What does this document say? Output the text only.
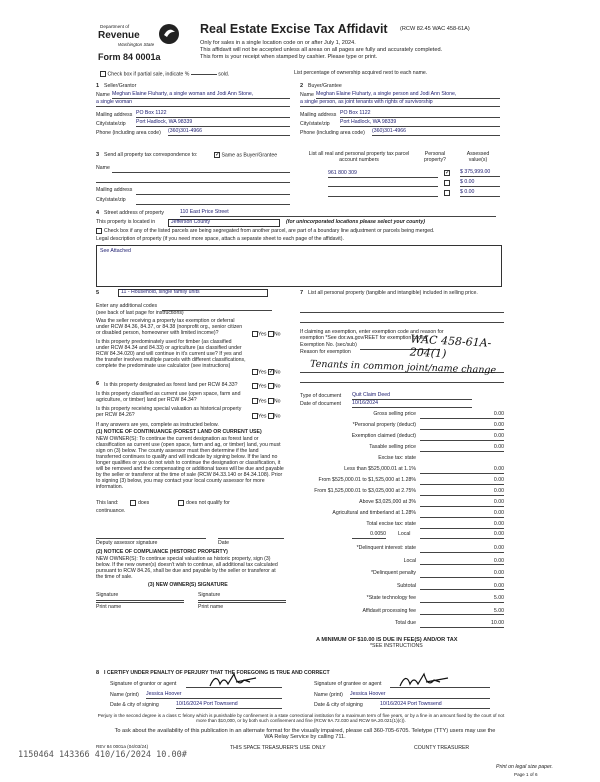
Department of
Revenue
Washington State
Form 84 0001a
Real Estate Excise Tax Affidavit (RCW 82.45 WAC 458-61A)
Only for sales in a single location code on or after July 1, 2024.
This affidavit will not be accepted unless all areas on all pages are fully and accurately completed.
This form is your receipt when stamped by cashier. Please type or print.
Check box if partial sale, indicate %	sold.	List percentage of ownership acquired next to each name.
1 Seller/Grantor
Name Meghan Elaine Fluharty, a single woman and Jodi Ann Stone,
a single woman
Mailing address PO Box 1122
City/state/zip Port Hadlock, WA 98339
Phone (including area code) (360)301-4966
2 Buyer/Grantee
Name Meghan Elaine Fluharty, a single person and Jodi Ann Stone,
a single person, as joint tenants with rights of survivorship
Mailing address PO Box 1122
City/state/zip Port Hadlock, WA 98339
Phone (including area code) (360)301-4966
3 Send all property tax correspondence to:	✓ Same as Buyer/Grantee
Name
Mailing address
City/state/zip
List all real and personal property tax parcel account numbers
Personal property?
Assessed value(s)
961 800 309	✓ $ 375,999.00
$ 0.00
$ 0.00
4 Street address of property	110 East Price Street
This property is located in	Jefferson County	(for unincorporated locations please select your county)
Check box if any of the listed parcels are being segregated from another parcel, are part of a boundary line adjustment or parcels being merged.
Legal description of property (if you need more space, attach a separate sheet to each page of the affidavit).
See Attached
5	11 - Household, single family units
Enter any additional codes
(see back of last page for instructions)
Was the seller receiving a property tax exemption or deferral under RCW 84.36, 84.37, or 84.38 (nonprofit org., senior citizen or disabled person, homeowner with limited income)?	Yes No
Is this property predominately used for timber (as classified under RCW 84.34 and 84.33) or agriculture (as classified under RCW 84.34.020) and will continue in it's current use? If yes and the transfer involves multiple parcels with different classifications, complete the predominate use calculator (see instructions)
Yes ✓No
6 Is this property designated as forest land per RCW 84.33?	Yes No
Is this property classified as current use (open space, farm and agriculture, or timber) land per RCW 84.34?	Yes No
Is this property receiving special valuation as historical property per RCW 84.26?	Yes No
If any answers are yes, complete as instructed below.
(1) NOTICE OF CONTINUANCE (FOREST LAND OR CURRENT USE)
NEW OWNER(S): To continue the current designation as forest land or classification as current use (open space, farm and ag, or timber) land, you must sign on (3) below. The county assessor must then determine if the land transferred continues to qualify and will indicate by signing below. If the land no longer qualifies or you do not wish to continue the designation or classification, it will be removed and the compensating or additional taxes will be due and payable by the seller or transferor at the time of sale (RCW 84.33.140 or 84.34.108). Prior to signing (3) below, you may contact your local county assessor for more information.
This land:	does	does not qualify for
continuance.
Deputy assessor signature	Date
(2) NOTICE OF COMPLIANCE (HISTORIC PROPERTY)
NEW OWNER(S): To continue special valuation as historic property, sign (3) below. If the new owner(s) doesn't wish to continue, all additional tax calculated pursuant to RCW 84.26, shall be due and payable by the seller or transferor at the time of sale.
(3) NEW OWNER(S) SIGNATURE
Signature	Signature
Print name	Print name
7 List all personal property (tangible and intangible) included in selling price.
If claiming an exemption, enter exemption code and reason for exemption *See dor.wa.gov/REET for exemption codes*
Exemption No. (sec/sub)
Reason for exemption
WAC 458-61A-204(1)
Tenants in common joint/name change
Type of document Quit Claim Deed
Date of document 10/16/2024
Gross selling price	0.00
*Personal property (deduct)	0.00
Exemption claimed (deduct)	0.00
Taxable selling price	0.00
Excise tax: state
Less than $525,000.01 at 1.1%	0.00
From $525,000.01 to $1,525,000 at 1.28%	0.00
From $1,525,000.01 to $3,025,000 at 2.75%	0.00
Above $3,025,000 at 3%	0.00
Agricultural and timberland at 1.28%	0.00
Total excise tax: state	0.00
0.0050 Local	0.00
*Delinquent interest: state	0.00
Local	0.00
*Delinquent penalty	0.00
Subtotal	0.00
*State technology fee	5.00
Affidavit processing fee	5.00
Total due	10.00
A MINIMUM OF $10.00 IS DUE IN FEE(S) AND/OR TAX
*SEE INSTRUCTIONS
8 I CERTIFY UNDER PENALTY OF PERJURY THAT THE FOREGOING IS TRUE AND CORRECT
Signature of grantor or agent	Signature of grantee or agent
Name (print) Jessica Hoover	Name (print) Jessica Hoover
Date & city of signing	10/16/2024 Port Townsend	Date & city of signing	10/16/2024 Port Townsend
Perjury in the second degree is a class C felony which is punishable by confinement in a state correctional institution for a maximum term of five years, or by a fine in an amount fixed by the court of not more than $10,000, or by both such confinement and fine (RCW 9A.72.030 and RCW 9A.20.021(1)(c)).
To ask about the availability of this publication in an alternate format for the visually impaired, please call 360-705-6705. Teletype (TTY) users may use the WA Relay Service by calling 711.
REV 84 0001a (04/03/24)	THIS SPACE TREASURER'S USE ONLY	COUNTY TREASURER
1150464 143366 410/16/2024 10.00#
Print on legal size paper.
Page 1 of 6
